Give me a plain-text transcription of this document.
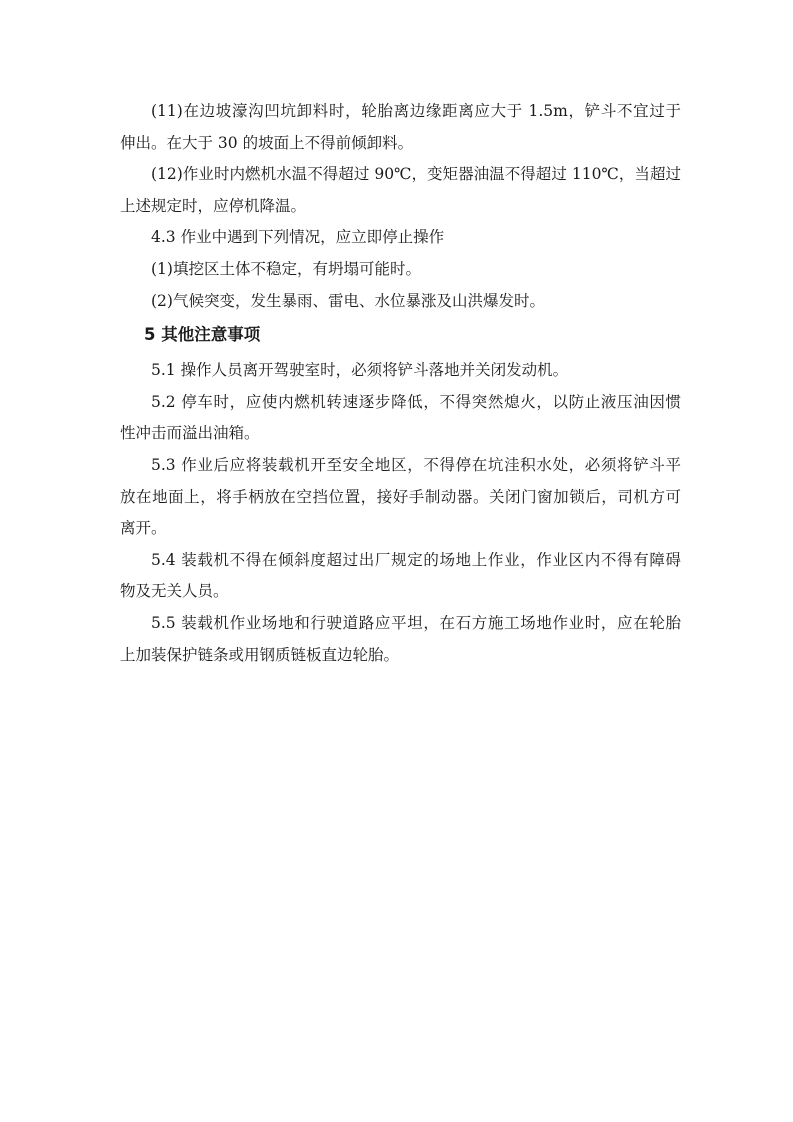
(11)在边坡濠沟凹坑卸料时，轮胎离边缘距离应大于 1.5m，铲斗不宜过于
伸出。在大于 30 的坡面上不得前倾卸料。
(12)作业时内燃机水温不得超过 90℃，变矩器油温不得超过 110℃，当超过
上述规定时，应停机降温。
4.3 作业中遇到下列情况，应立即停止操作
(1)填挖区土体不稳定，有坍塌可能时。
(2)气候突变，发生暴雨、雷电、水位暴涨及山洪爆发时。
5 其他注意事项
5.1 操作人员离开驾驶室时，必须将铲斗落地并关闭发动机。
5.2 停车时，应使内燃机转速逐步降低，不得突然熄火，以防止液压油因惯
性冲击而溢出油箱。
5.3 作业后应将装载机开至安全地区，不得停在坑洼积水处，必须将铲斗平
放在地面上，将手柄放在空挡位置，接好手制动器。关闭门窗加锁后，司机方可
离开。
5.4 装载机不得在倾斜度超过出厂规定的场地上作业，作业区内不得有障碍
物及无关人员。
5.5 装载机作业场地和行驶道路应平坦，在石方施工场地作业时，应在轮胎
上加装保护链条或用钢质链板直边轮胎。
